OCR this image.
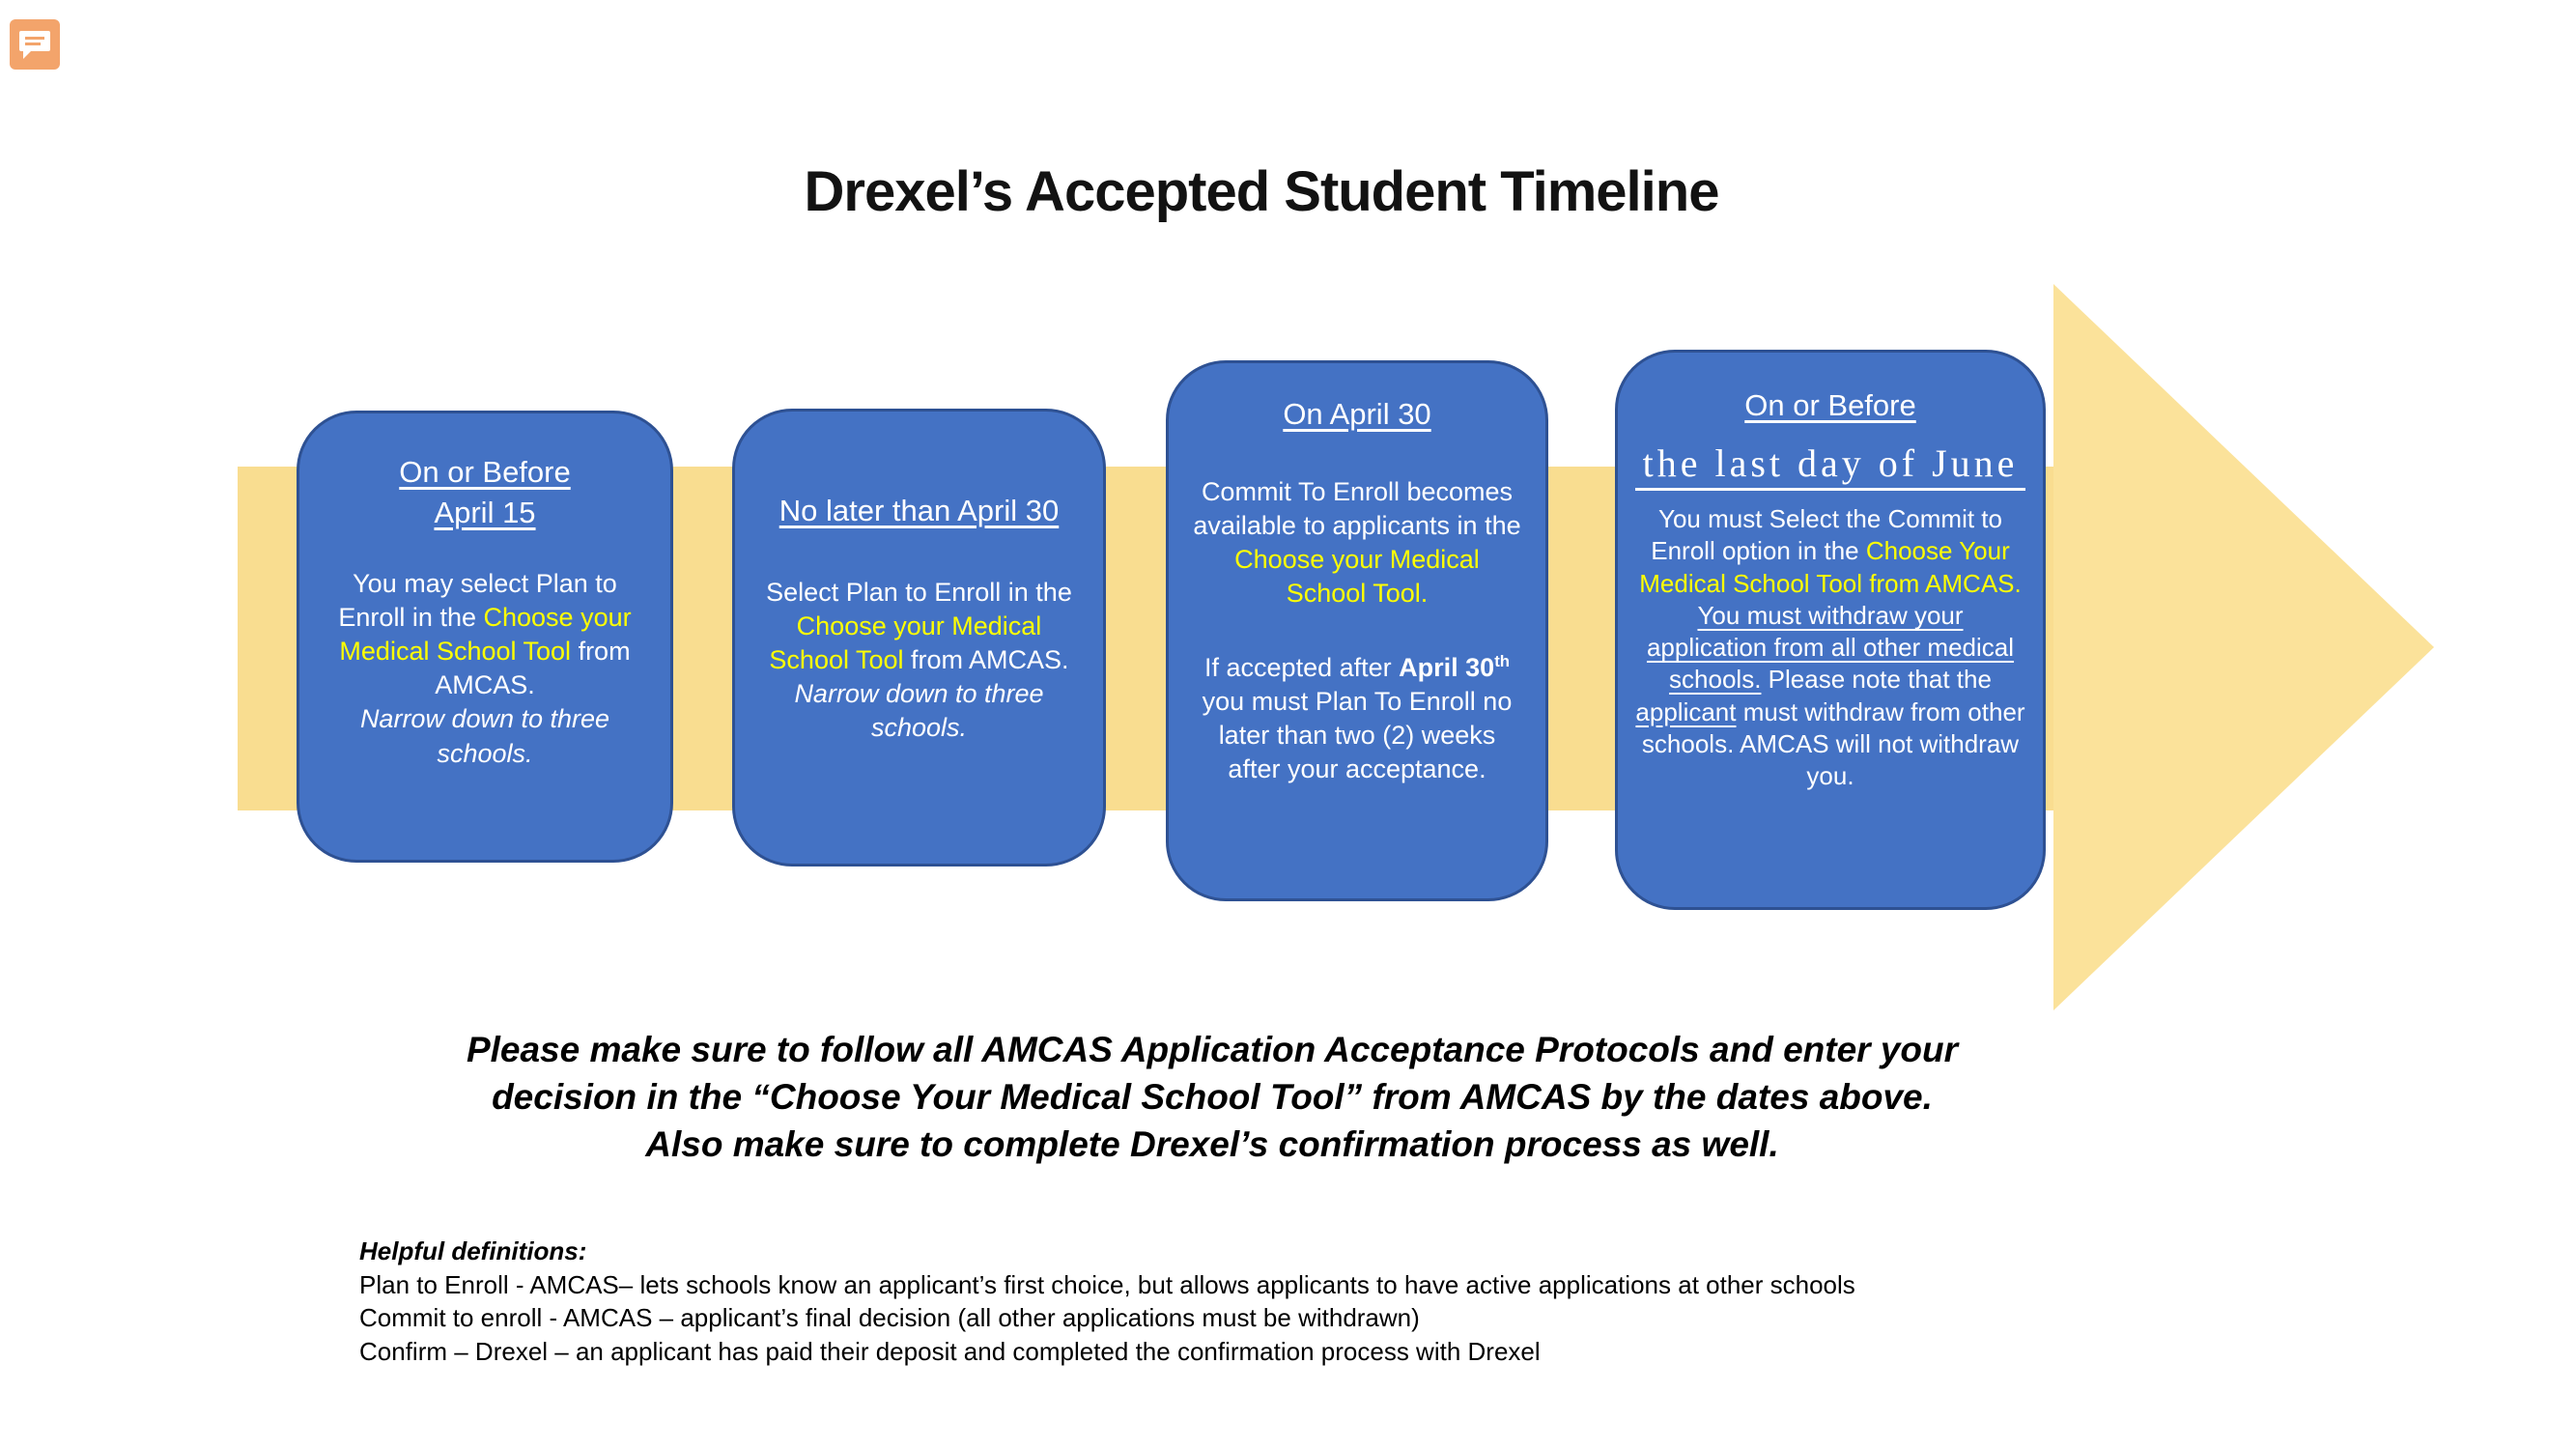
Drexel’s Accepted Student Timeline
On or Before
April 15
You may select Plan to Enroll in the Choose your Medical School Tool from AMCAS.
Narrow down to three schools.
No later than April 30
Select Plan to Enroll in the Choose your Medical School Tool from AMCAS.
Narrow down to three schools.
On April 30
Commit To Enroll becomes available to applicants in the Choose your Medical School Tool.
If accepted after April 30th you must Plan To Enroll no later than two (2) weeks after your acceptance.
On or Before
the last day of June
You must Select the Commit to Enroll option in the Choose Your Medical School Tool from AMCAS. You must withdraw your application from all other medical schools. Please note that the applicant must withdraw from other schools. AMCAS will not withdraw you.
Please make sure to follow all AMCAS Application Acceptance Protocols and enter your
decision in the “Choose Your Medical School Tool” from AMCAS by the dates above.
Also make sure to complete Drexel’s confirmation process as well.
Helpful definitions:
Plan to Enroll - AMCAS– lets schools know an applicant’s first choice, but allows applicants to have active applications at other schools
Commit to enroll - AMCAS – applicant’s final decision (all other applications must be withdrawn)
Confirm – Drexel – an applicant has paid their deposit and completed the confirmation process with Drexel
